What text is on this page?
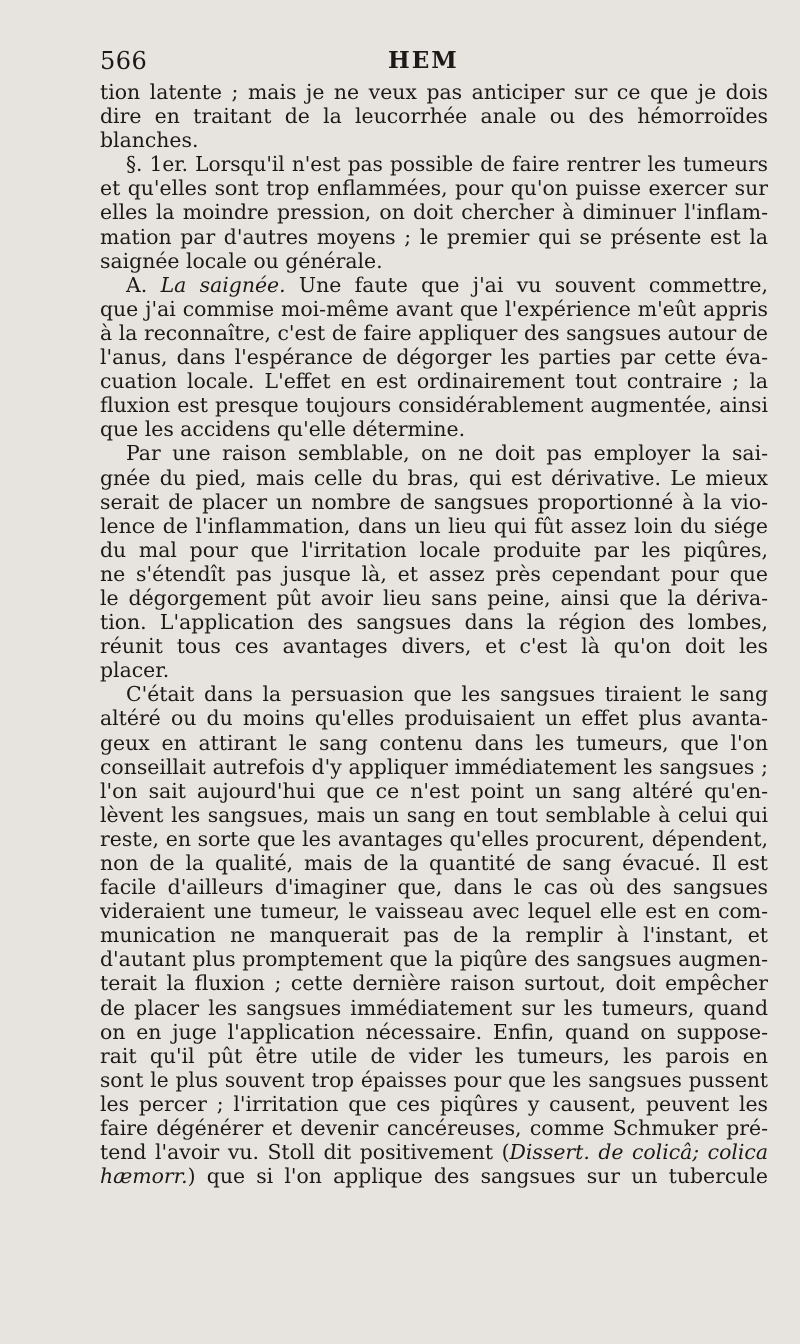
566	HEM
tion latente ; mais je ne veux pas anticiper sur ce que je dois
dire en traitant de la leucorrhée anale ou des hémorroïdes
blanches.
§. 1er. Lorsqu'il n'est pas possible de faire rentrer les tumeurs
et qu'elles sont trop enflammées, pour qu'on puisse exercer sur
elles la moindre pression, on doit chercher à diminuer l'inflam-
mation par d'autres moyens ; le premier qui se présente est la
saignée locale ou générale.
A. La saignée. Une faute que j'ai vu souvent commettre,
que j'ai commise moi-même avant que l'expérience m'eût appris
à la reconnaître, c'est de faire appliquer des sangsues autour de
l'anus, dans l'espérance de dégorger les parties par cette éva-
cuation locale. L'effet en est ordinairement tout contraire ; la
fluxion est presque toujours considérablement augmentée, ainsi
que les accidens qu'elle détermine.
Par une raison semblable, on ne doit pas employer la sai-
gnée du pied, mais celle du bras, qui est dérivative. Le mieux
serait de placer un nombre de sangsues proportionné à la vio-
lence de l'inflammation, dans un lieu qui fût assez loin du siége
du mal pour que l'irritation locale produite par les piqûres,
ne s'étendît pas jusque là, et assez près cependant pour que
le dégorgement pût avoir lieu sans peine, ainsi que la dériva-
tion. L'application des sangsues dans la région des lombes,
réunit tous ces avantages divers, et c'est là qu'on doit les
placer.
C'était dans la persuasion que les sangsues tiraient le sang
altéré ou du moins qu'elles produisaient un effet plus avanta-
geux en attirant le sang contenu dans les tumeurs, que l'on
conseillait autrefois d'y appliquer immédiatement les sangsues ;
l'on sait aujourd'hui que ce n'est point un sang altéré qu'en-
lèvent les sangsues, mais un sang en tout semblable à celui qui
reste, en sorte que les avantages qu'elles procurent, dépendent,
non de la qualité, mais de la quantité de sang évacué. Il est
facile d'ailleurs d'imaginer que, dans le cas où des sangsues
videraient une tumeur, le vaisseau avec lequel elle est en com-
munication ne manquerait pas de la remplir à l'instant, et
d'autant plus promptement que la piqûre des sangsues augmen-
terait la fluxion ; cette dernière raison surtout, doit empêcher
de placer les sangsues immédiatement sur les tumeurs, quand
on en juge l'application nécessaire. Enfin, quand on suppose-
rait qu'il pût être utile de vider les tumeurs, les parois en
sont le plus souvent trop épaisses pour que les sangsues pussent
les percer ; l'irritation que ces piqûres y causent, peuvent les
faire dégénérer et devenir cancéreuses, comme Schmuker pré-
tend l'avoir vu. Stoll dit positivement (Dissert. de colicâ; colica
hæmorr.) que si l'on applique des sangsues sur un tubercule
